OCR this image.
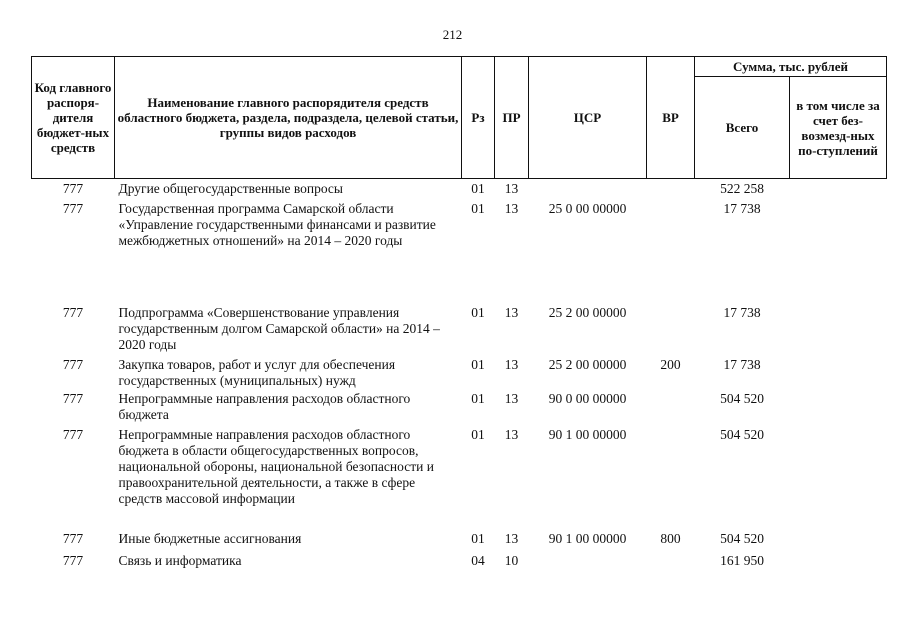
212
Код главного распоря-дителя бюджет-ных средств	Наименование главного распорядителя средств областного бюджета, раздела, подраздела, целевой статьи, группы видов расходов	Рз	ПР	ЦСР	ВР	Сумма, тыс. рублей	
						Всего	в том числе за счет без-возмезд-ных по-ступлений
777	Другие общегосударственные вопросы	01	13			522 258	
777	Государственная программа Самарской области «Управление государственными финансами и развитие межбюджетных отношений» на 2014 – 2020 годы	01	13	25 0 00 00000		17 738	
777	Подпрограмма «Совершенствование управления государственным долгом Самарской области» на 2014 – 2020 годы	01	13	25 2 00 00000		17 738	
777	Закупка товаров, работ и услуг для обеспечения государственных (муниципальных) нужд	01	13	25 2 00 00000	200	17 738	
777	Непрограммные направления расходов областного бюджета	01	13	90 0 00 00000		504 520	
777	Непрограммные направления расходов областного бюджета в области общегосударственных вопросов, национальной обороны, национальной безопасности и правоохранительной деятельности, а также в сфере средств массовой информации	01	13	90 1 00 00000		504 520	
777	Иные бюджетные ассигнования	01	13	90 1 00 00000	800	504 520	
777	Связь и информатика	04	10			161 950	
